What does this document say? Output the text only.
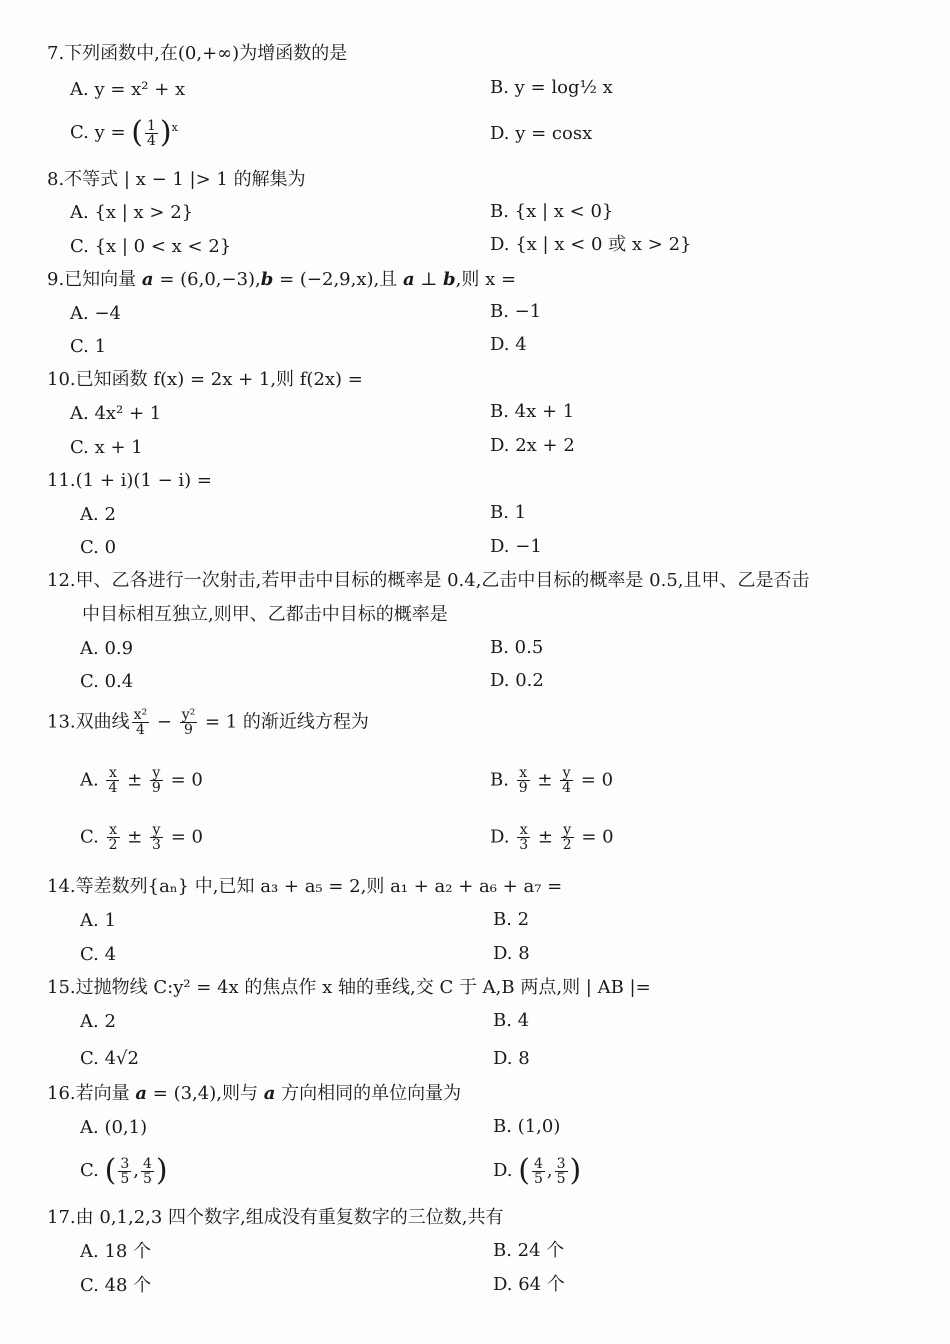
7.下列函数中,在(0,+∞)为增函数的是
A. y = x² + x	B. y = log½ x
C. y = ( $\frac{1}{4} )^x$	D. y = cosx
8.不等式 | x − 1 |> 1 的解集为
A. {x | x > 2}	B. {x | x < 0}
C. {x | 0 < x < 2}	D. {x | x < 0 或 x > 2}
9.已知向量 a = (6,0,−3),b = (−2,9,x),且 a ⊥ b,则 x =
A. −4	B. −1
C. 1	D. 4
10.已知函数 f(x) = 2x + 1,则 f(2x) =
A. 4x² + 1	B. 4x + 1
C. x + 1	D. 2x + 2
11.(1 + i)(1 − i) =
A. 2	B. 1
C. 0	D. −1
12.甲、乙各进行一次射击,若甲击中目标的概率是 0.4,乙击中目标的概率是 0.5,且甲、乙是否击
中目标相互独立,则甲、乙都击中目标的概率是
A. 0.9	B. 0.5
C. 0.4	D. 0.2
13.双曲线 $\frac{\text{x²}}{4} - \frac{\text{y²}}{9} = 1$ 的渐近线方程为
A. $\frac{x}{4} \pm \frac{y}{9} = 0$	B. $\frac{x}{9} \pm \frac{y}{4} = 0$
C. $\frac{x}{2} \pm \frac{y}{3} = 0$	D. $\frac{x}{3} \pm \frac{y}{2} = 0$
14.等差数列{aₙ} 中,已知 a₃ + a₅ = 2,则 a₁ + a₂ + a₆ + a₇ =
A. 1	B. 2
C. 4	D. 8
15.过抛物线 C:y² = 4x 的焦点作 x 轴的垂线,交 C 于 A,B 两点,则 | AB |=
A. 2	B. 4
C. 4√2	D. 8
16.若向量 a = (3,4),则与 a 方向相同的单位向量为
A. (0,1)	B. (1,0)
C. ( $\frac{3}{5}$ , $\frac{4}{5}$ )	D. ( $\frac{4}{5}$ , $\frac{3}{5}$ )
17.由 0,1,2,3 四个数字,组成没有重复数字的三位数,共有
A. 18 个	B. 24 个
C. 48 个	D. 64 个
